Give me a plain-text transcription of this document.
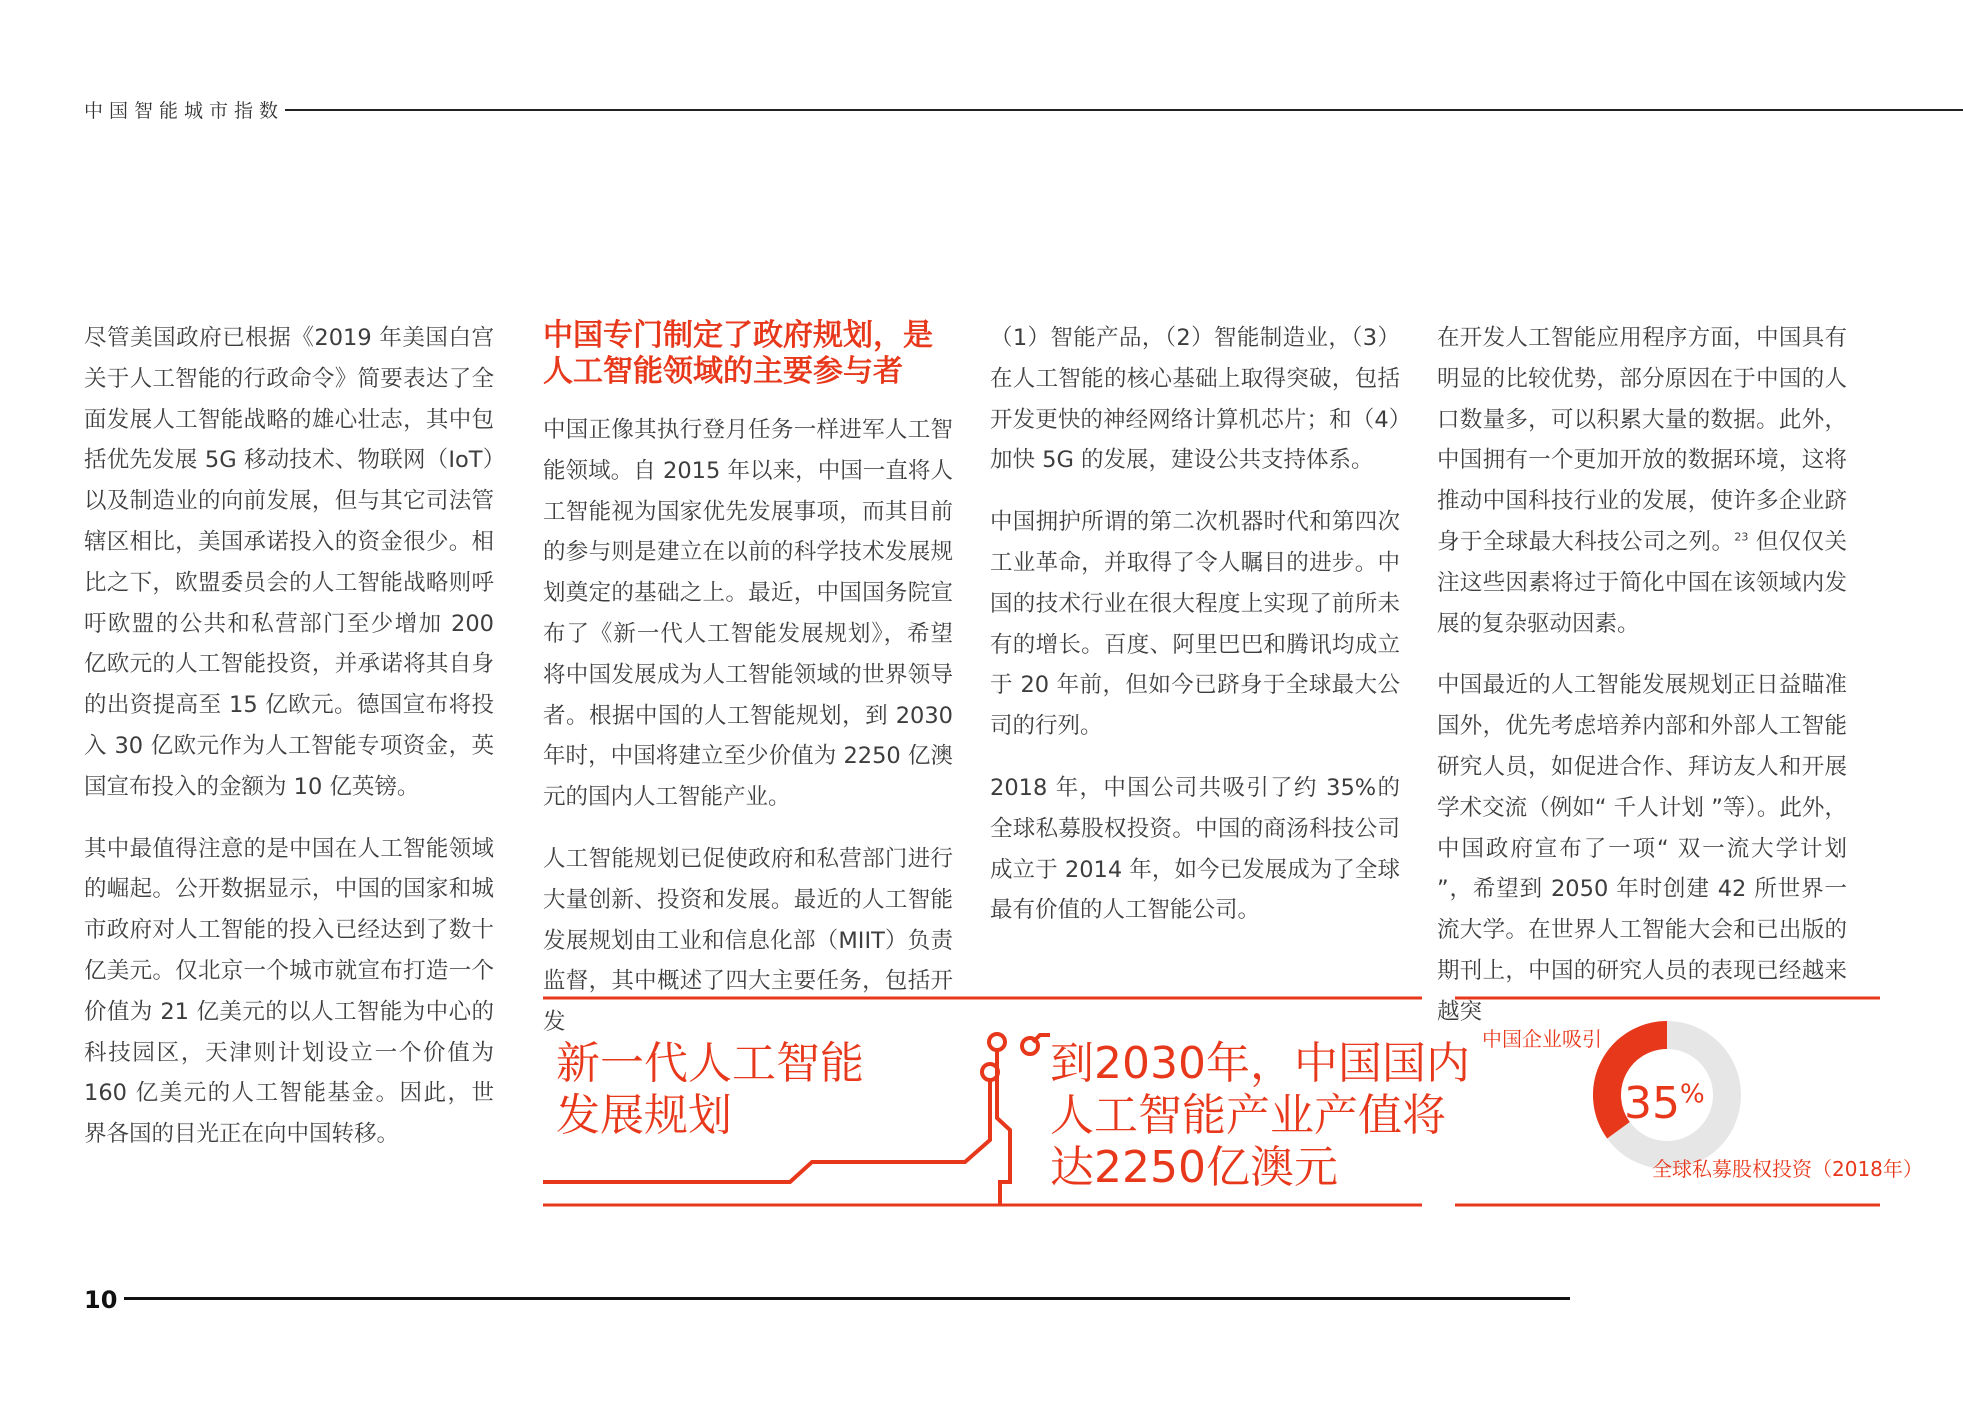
中国智能城市指数

尽管美国政府已根据《2019 年美国白宫关于人工智能的行政命令》简要表达了全面发展人工智能战略的雄心壮志，其中包括优先发展 5G 移动技术、物联网（IoT）以及制造业的向前发展，但与其它司法管辖区相比，美国承诺投入的资金很少。相比之下，欧盟委员会的人工智能战略则呼吁欧盟的公共和私营部门至少增加 200 亿欧元的人工智能投资，并承诺将其自身的出资提高至 15 亿欧元。德国宣布将投入 30 亿欧元作为人工智能专项资金，英国宣布投入的金额为 10 亿英镑。

其中最值得注意的是中国在人工智能领域的崛起。公开数据显示，中国的国家和城市政府对人工智能的投入已经达到了数十亿美元。仅北京一个城市就宣布打造一个价值为 21 亿美元的以人工智能为中心的科技园区，天津则计划设立一个价值为 160 亿美元的人工智能基金。因此，世界各国的目光正在向中国转移。

中国专门制定了政府规划，是人工智能领域的主要参与者

中国正像其执行登月任务一样进军人工智能领域。自 2015 年以来，中国一直将人工智能视为国家优先发展事项，而其目前的参与则是建立在以前的科学技术发展规划奠定的基础之上。最近，中国国务院宣布了《新一代人工智能发展规划》，希望将中国发展成为人工智能领域的世界领导者。根据中国的人工智能规划，到 2030 年时，中国将建立至少价值为 2250 亿澳元的国内人工智能产业。

人工智能规划已促使政府和私营部门进行大量创新、投资和发展。最近的人工智能发展规划由工业和信息化部（MIIT）负责监督，其中概述了四大主要任务，包括开发

（1）智能产品，（2）智能制造业，（3）在人工智能的核心基础上取得突破，包括开发更快的神经网络计算机芯片；和（4）加快 5G 的发展，建设公共支持体系。

中国拥护所谓的第二次机器时代和第四次工业革命，并取得了令人瞩目的进步。中国的技术行业在很大程度上实现了前所未有的增长。百度、阿里巴巴和腾讯均成立于 20 年前，但如今已跻身于全球最大公司的行列。

2018 年，中国公司共吸引了约 35%的全球私募股权投资。中国的商汤科技公司成立于 2014 年，如今已发展成为了全球最有价值的人工智能公司。

在开发人工智能应用程序方面，中国具有明显的比较优势，部分原因在于中国的人口数量多，可以积累大量的数据。此外，中国拥有一个更加开放的数据环境，这将推动中国科技行业的发展，使许多企业跻身于全球最大科技公司之列。$^{23}$ 但仅仅关注这些因素将过于简化中国在该领域内发展的复杂驱动因素。

中国最近的人工智能发展规划正日益瞄准国外，优先考虑培养内部和外部人工智能研究人员，如促进合作、拜访友人和开展学术交流（例如“ 千人计划 ”等）。此外，中国政府宣布了一项“ 双一流大学计划 ”，希望到 2050 年时创建 42 所世界一流大学。在世界人工智能大会和已出版的期刊上，中国的研究人员的表现已经越来越突

新一代人工智能
发展规划
到2030年，中国国内
人工智能产业产值将
达2250亿澳元
中国企业吸引
35%
全球私募股权投资（2018年）
10
